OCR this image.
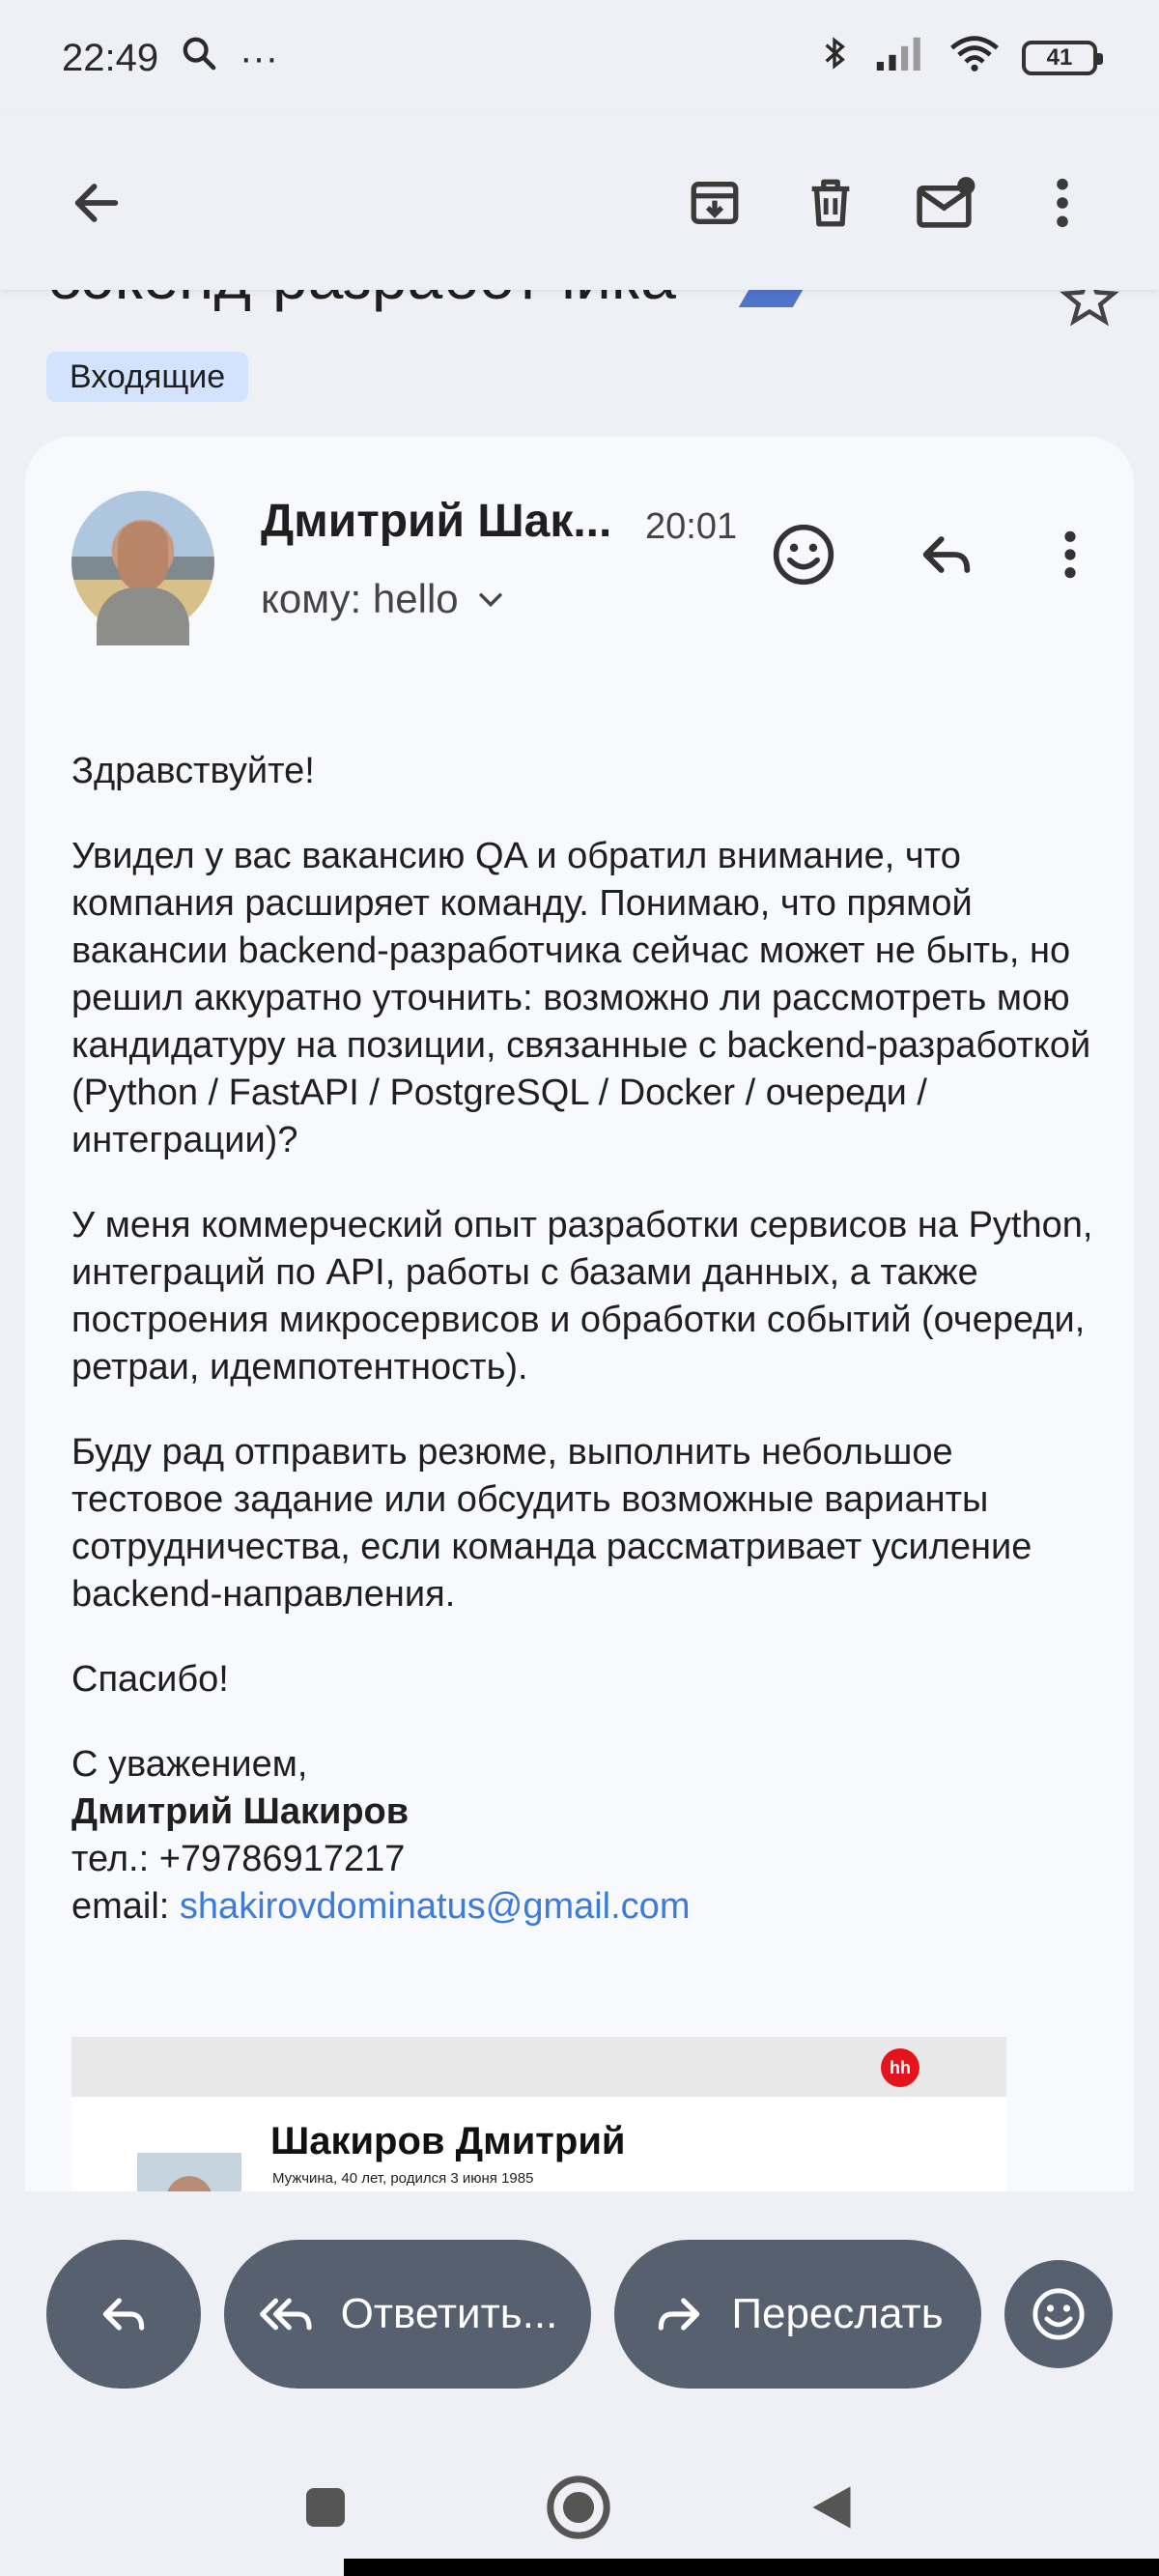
22:49 ···	41
Входящие
Дмитрий Шак... 20:01
кому: hello

Здравствуйте!

Увидел у вас вакансию QA и обратил внимание, что компания расширяет команду. Понимаю, что прямой вакансии backend-разработчика сейчас может не быть, но решил аккуратно уточнить: возможно ли рассмотреть мою кандидатуру на позиции, связанные с backend-разработкой (Python / FastAPI / PostgreSQL / Docker / очереди / интеграции)?

У меня коммерческий опыт разработки сервисов на Python, интеграций по API, работы с базами данных, а также построения микросервисов и обработки событий (очереди, ретраи, идемпотентность).

Буду рад отправить резюме, выполнить небольшое тестовое задание или обсудить возможные варианты сотрудничества, если команда рассматривает усиление backend-направления.

Спасибо!

С уважением,
Дмитрий Шакиров
тел.: +79786917217
email: shakirovdominatus@gmail.com
hh
Шакиров Дмитрий
Мужчина, 40 лет, родился 3 июня 1985
Ответить...	Переслать
